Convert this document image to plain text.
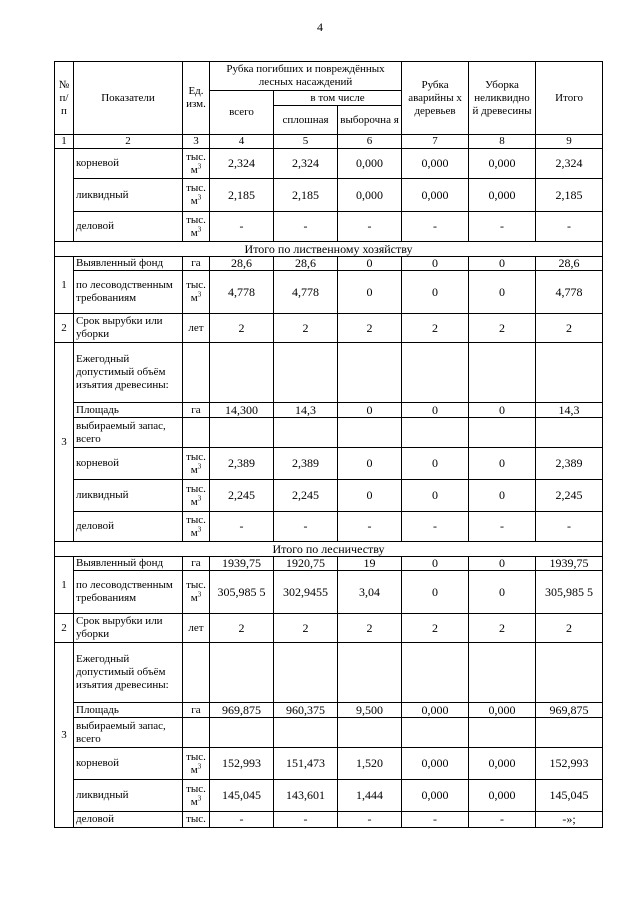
4
№ п/п	Показатели	Ед. изм.	Рубка погибших и повреждённых лесных насаждений			Рубка аварийны х деревьев	Уборка неликвидно й древесины	Итого
			всего	в том числе				
				сплошная	выборочна я			
1	2	3	4	5	6	7	8	9
	корневой	тыс.
$м^3$	2,324	2,324	0,000	0,000	0,000	2,324
	ликвидный	тыс.
$м^3$	2,185	2,185	0,000	0,000	0,000	2,185
	деловой	тыс.
$м^3$	-	-	-	-	-	-
Итого по лиственному хозяйству								
1	Выявленный фонд	га	28,6	28,6	0	0	0	28,6
	по лесоводственным требованиям	тыс.
$м^3$	4,778	4,778	0	0	0	4,778
2	Срок вырубки или уборки	лет	2	2	2	2	2	2
3	Ежегодный допустимый объём изъятия древесины:							
	Площадь	га	14,300	14,3	0	0	0	14,3
	выбираемый запас, всего							
	корневой	тыс.
$м^3$	2,389	2,389	0	0	0	2,389
	ликвидный	тыс.
$м^3$	2,245	2,245	0	0	0	2,245
	деловой	тыс.
$м^3$	-	-	-	-	-	-
Итого по лесничеству								
1	Выявленный фонд	га	1939,75	1920,75	19	0	0	1939,75
	по лесоводственным требованиям	тыс.
$м^3$	305,985 5	302,9455	3,04	0	0	305,985 5
2	Срок вырубки или уборки	лет	2	2	2	2	2	2
3	Ежегодный допустимый объём изъятия древесины:							
	Площадь	га	969,875	960,375	9,500	0,000	0,000	969,875
	выбираемый запас, всего							
	корневой	тыс.
$м^3$	152,993	151,473	1,520	0,000	0,000	152,993
	ликвидный	тыс.
$м^3$	145,045	143,601	1,444	0,000	0,000	145,045
	деловой	тыс.	-	-	-	-	-	-»;
